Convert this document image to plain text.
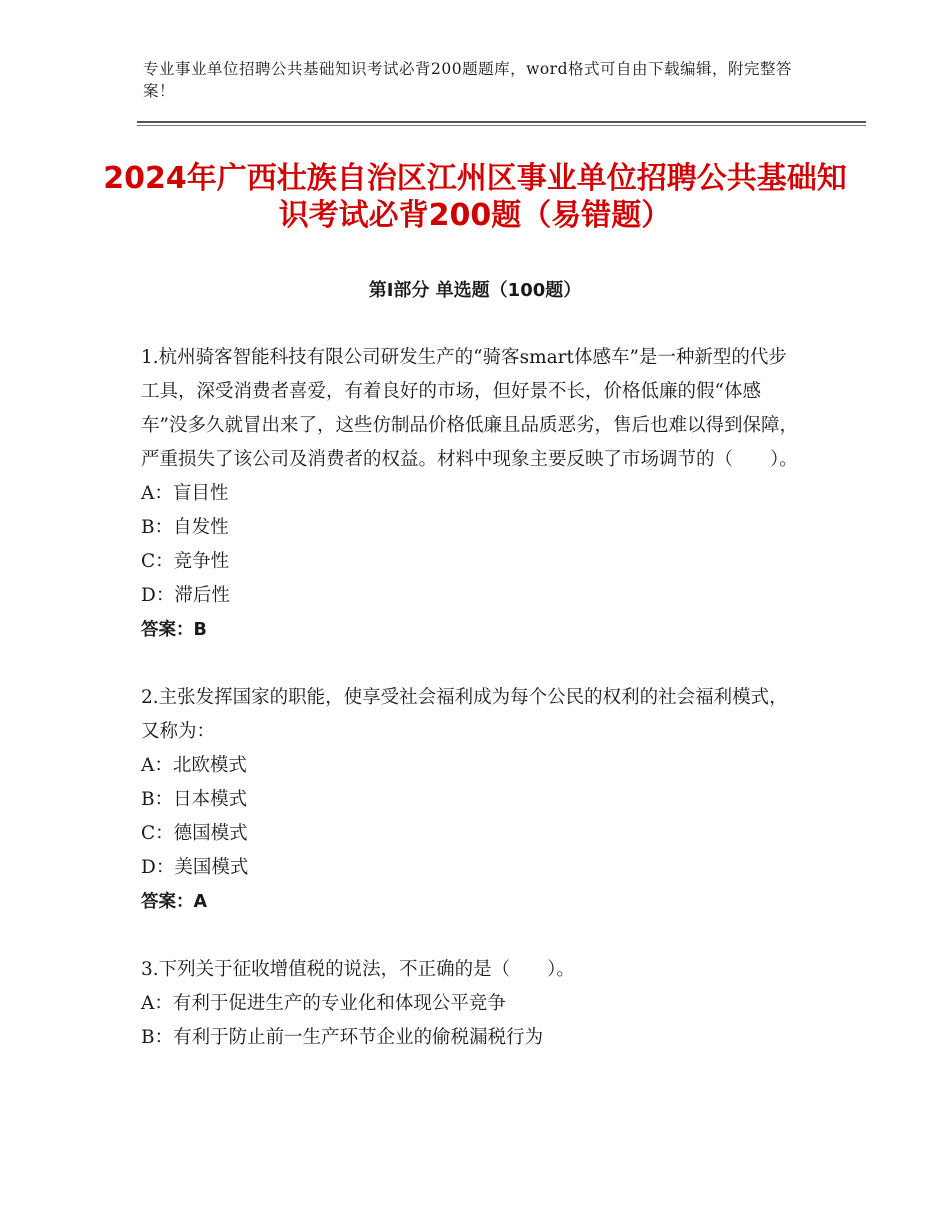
专业事业单位招聘公共基础知识考试必背200题题库，word格式可自由下载编辑，附完整答案！
2024年广西壮族自治区江州区事业单位招聘公共基础知识考试必背200题（易错题）
第Ⅰ部分 单选题（100题）
1.杭州骑客智能科技有限公司研发生产的“骑客smart体感车”是一种新型的代步工具，深受消费者喜爱，有着良好的市场，但好景不长，价格低廉的假“体感车”没多久就冒出来了，这些仿制品价格低廉且品质恶劣，售后也难以得到保障，严重损失了该公司及消费者的权益。材料中现象主要反映了市场调节的（　　）。
A：盲目性
B：自发性
C：竞争性
D：滞后性
答案：B
2.主张发挥国家的职能，使享受社会福利成为每个公民的权利的社会福利模式，又称为：
A：北欧模式
B：日本模式
C：德国模式
D：美国模式
答案：A
3.下列关于征收增值税的说法，不正确的是（　　）。
A：有利于促进生产的专业化和体现公平竞争
B：有利于防止前一生产环节企业的偷税漏税行为
